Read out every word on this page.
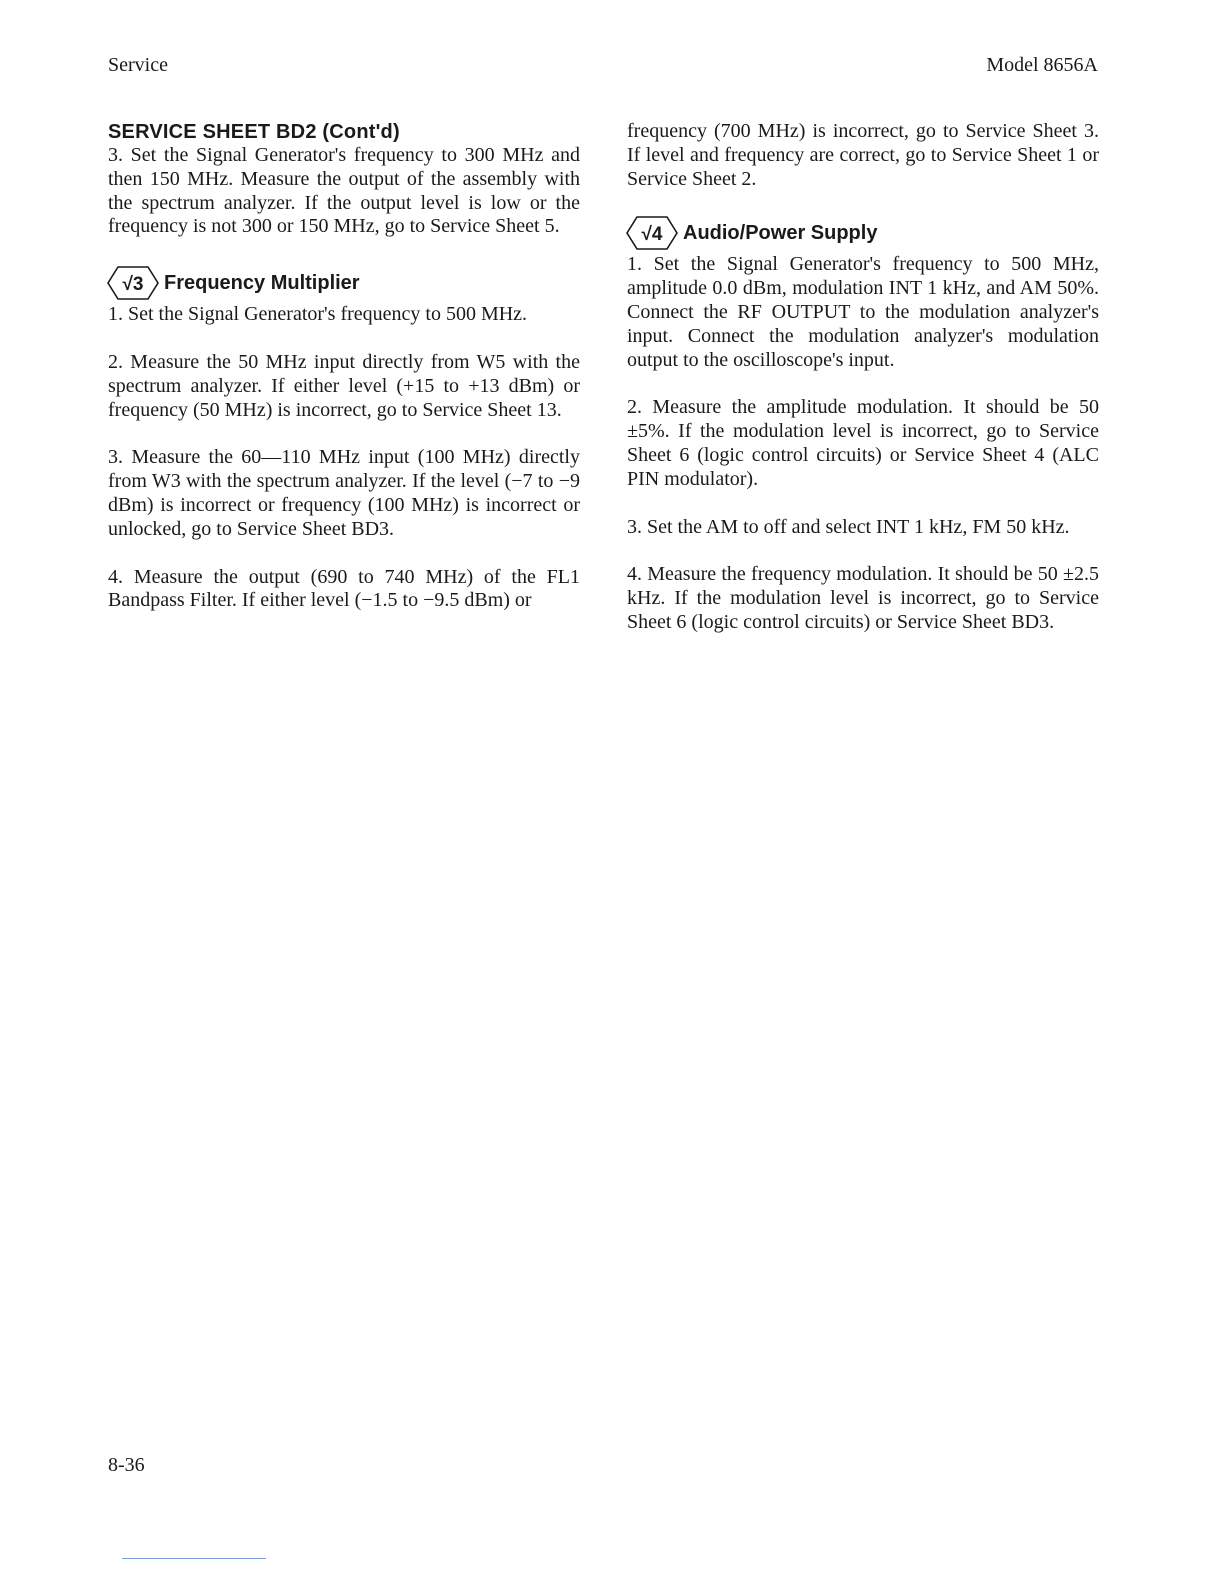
Service	Model 8656A
SERVICE SHEET BD2 (Cont'd)

3. Set the Signal Generator's frequency to 300 MHz and then 150 MHz. Measure the output of the assembly with the spectrum analyzer. If the output level is low or the frequency is not 300 or 150 MHz, go to Service Sheet 5.

√3 Frequency Multiplier

1. Set the Signal Generator's frequency to 500 MHz.

2. Measure the 50 MHz input directly from W5 with the spectrum analyzer. If either level (+15 to +13 dBm) or frequency (50 MHz) is incorrect, go to Service Sheet 13.

3. Measure the 60—110 MHz input (100 MHz) directly from W3 with the spectrum analyzer. If the level (−7 to −9 dBm) is incorrect or frequency (100 MHz) is incorrect or unlocked, go to Service Sheet BD3.

4. Measure the output (690 to 740 MHz) of the FL1 Bandpass Filter. If either level (−1.5 to −9.5 dBm) or

frequency (700 MHz) is incorrect, go to Service Sheet 3. If level and frequency are correct, go to Service Sheet 1 or Service Sheet 2.

√4 Audio/Power Supply

1. Set the Signal Generator's frequency to 500 MHz, amplitude 0.0 dBm, modulation INT 1 kHz, and AM 50%. Connect the RF OUTPUT to the modulation analyzer's input. Connect the modulation analyzer's modulation output to the oscilloscope's input.

2. Measure the amplitude modulation. It should be 50 ±5%. If the modulation level is incorrect, go to Service Sheet 6 (logic control circuits) or Service Sheet 4 (ALC PIN modulator).

3. Set the AM to off and select INT 1 kHz, FM 50 kHz.

4. Measure the frequency modulation. It should be 50 ±2.5 kHz. If the modulation level is incorrect, go to Service Sheet 6 (logic control circuits) or Service Sheet BD3.

8-36
